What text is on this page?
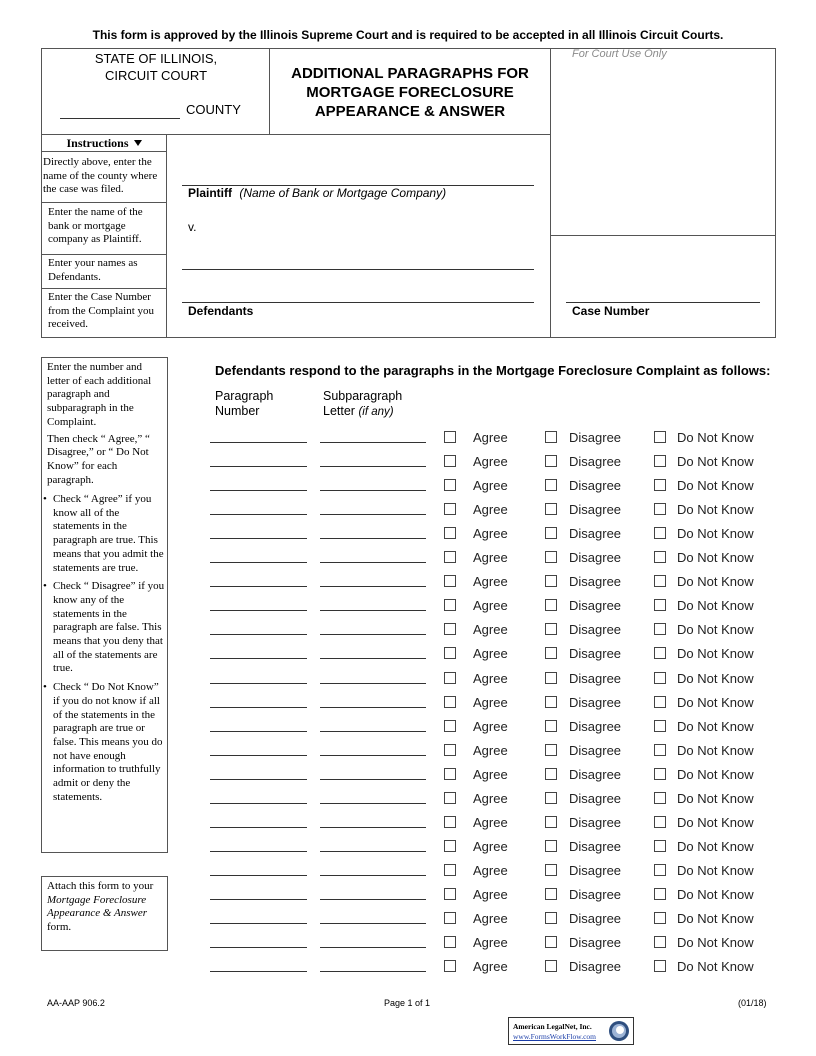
This form is approved by the Illinois Supreme Court and is required to be accepted in all Illinois Circuit Courts.
STATE OF ILLINOIS,
CIRCUIT COURT
COUNTY
ADDITIONAL PARAGRAPHS FOR
MORTGAGE FORECLOSURE
APPEARANCE & ANSWER
For Court Use Only
Instructions
Directly above, enter the name of the county where the case was filed.
Enter the name of the bank or mortgage company as Plaintiff.
Enter your names as Defendants.
Enter the Case Number from the Complaint you received.
Plaintiff (Name of Bank or Mortgage Company)
v.
Defendants	Case Number

Enter the number and letter of each additional paragraph and subparagraph in the Complaint.

Then check “ Agree,” “ Disagree,” or “ Do Not Know” for each paragraph.

• Check “ Agree” if you know all of the statements in the paragraph are true. This means that you admit the statements are true.
• Check “ Disagree” if you know any of the statements in the paragraph are false. This means that you deny that all of the statements are true.
• Check “ Do Not Know” if you do not know if all of the statements in the paragraph are true or false. This means you do not have enough information to truthfully admit or deny the statements.
Attach this form to your Mortgage Foreclosure Appearance & Answer form.
Defendants respond to the paragraphs in the Mortgage Foreclosure Complaint as follows:
Paragraph Number
Subparagraph Letter (if any)
Agree	Disagree	Do Not Know
Agree	Disagree	Do Not Know
Agree	Disagree	Do Not Know
Agree	Disagree	Do Not Know
Agree	Disagree	Do Not Know
Agree	Disagree	Do Not Know
Agree	Disagree	Do Not Know
Agree	Disagree	Do Not Know
Agree	Disagree	Do Not Know
Agree	Disagree	Do Not Know
Agree	Disagree	Do Not Know
Agree	Disagree	Do Not Know
Agree	Disagree	Do Not Know
Agree	Disagree	Do Not Know
Agree	Disagree	Do Not Know
Agree	Disagree	Do Not Know
Agree	Disagree	Do Not Know
Agree	Disagree	Do Not Know
Agree	Disagree	Do Not Know
Agree	Disagree	Do Not Know
Agree	Disagree	Do Not Know
Agree	Disagree	Do Not Know
Agree	Disagree	Do Not Know
AA-AAP 906.2	Page 1 of 1	(01/18)
American LegalNet, Inc.
www.FormsWorkFlow.com
